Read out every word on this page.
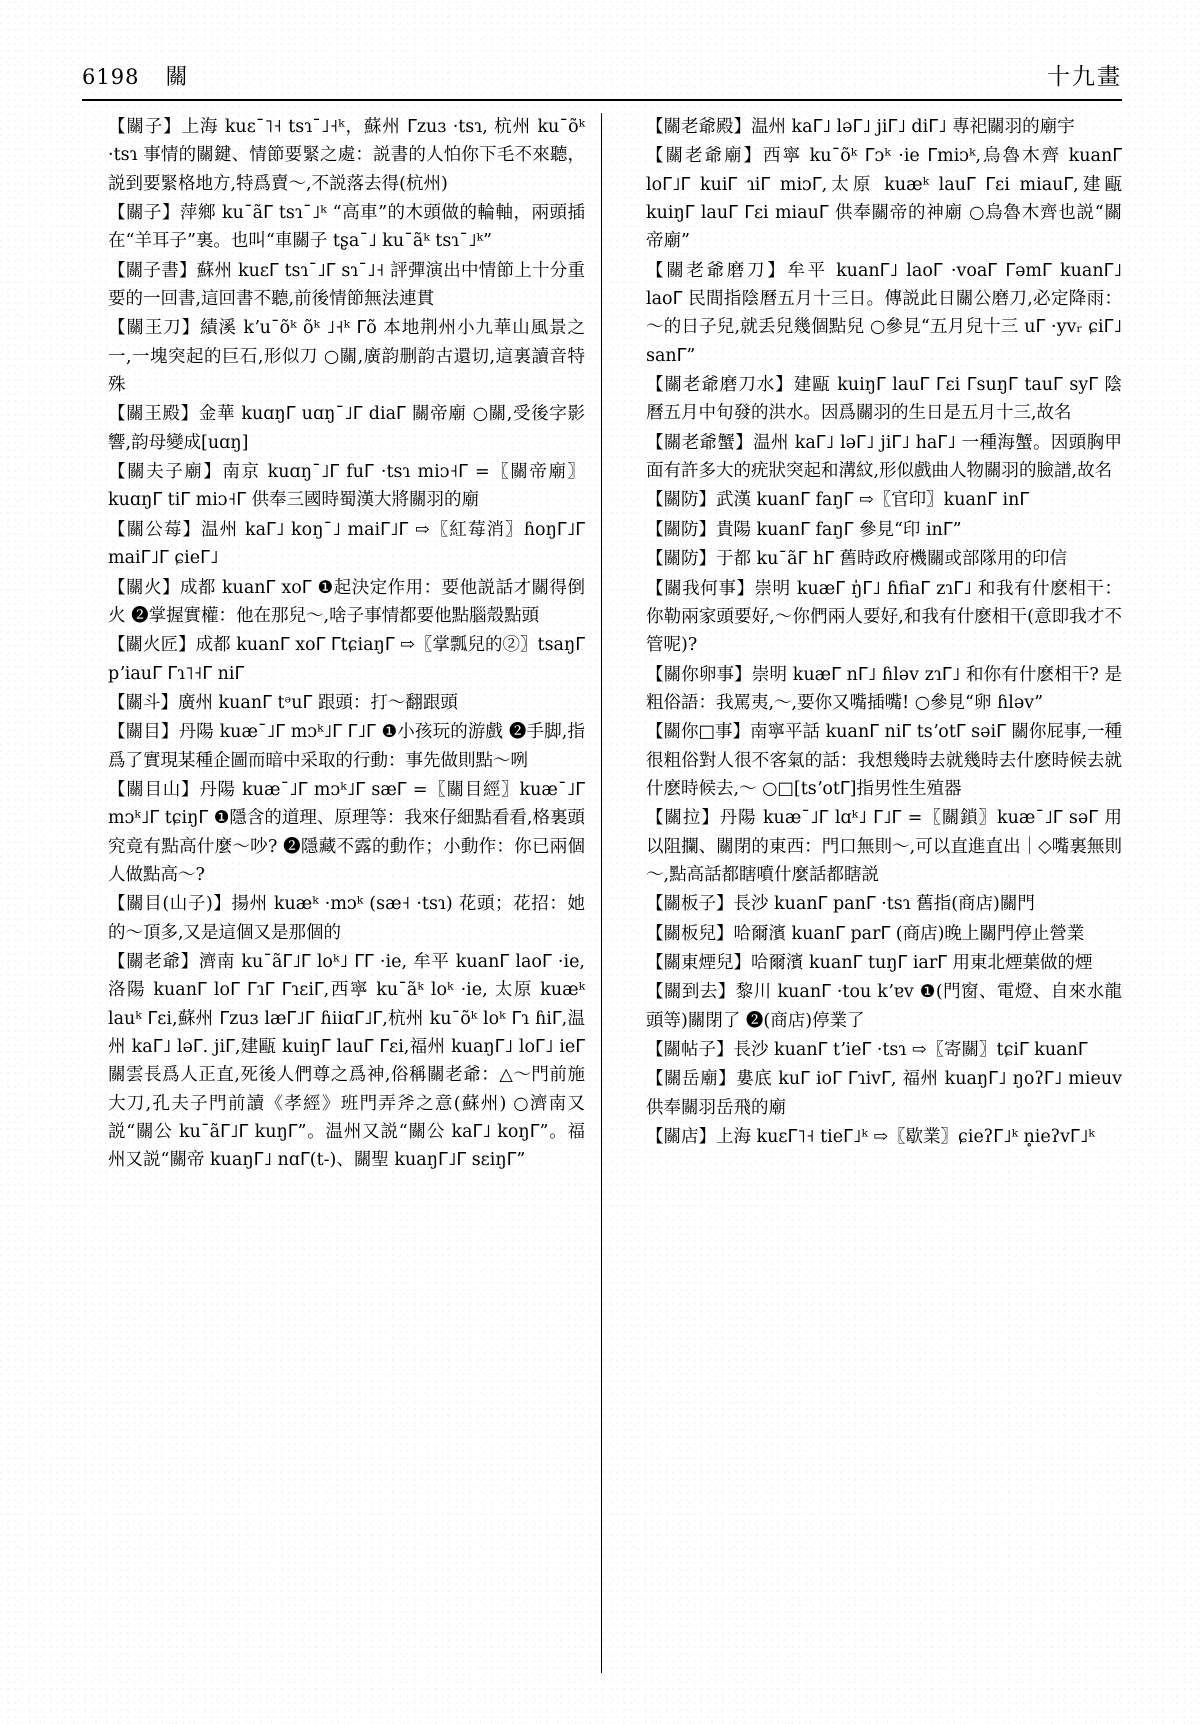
6198 關	十九畫
【關子】上海 kuɛˉ˥˧ tsɿˉ˩˧ᵏ，蘇州 ᒥzuɜ ·tsɿ, 杭州 kuˉõᵏ ·tsɿ 事情的關鍵、情節要緊之處：説書的人怕你下毛不來聽，説到要緊格地方,特爲賣～,不説落去得(杭州)
【關子】萍鄉 kuˉãᒥ tsɿˉ˩ᵏ “高車”的木頭做的輪軸，兩頭插在“羊耳子”裏。也叫“車關子 tʂaˉ˩ kuˉãᵏ tsɿˉ˩ᵏ”
【關子書】蘇州 kuɛᒥ tsɿˉ˩ᒥ sɿˉ˩˧ 評彈演出中情節上十分重要的一回書,這回書不聽,前後情節無法連貫
【關王刀】績溪 kʼuˉõᵏ õᵏ ˩˧ᵏ ᒥõ 本地荆州小九華山風景之一,一塊突起的巨石,形似刀 ○關,廣韵删韵古還切,這裏讀音特殊
【關王殿】金華 kuɑŋᒥ uɑŋˉ˩ᒥ diaᒥ 關帝廟 ○關,受後字影響,韵母變成[uɑŋ]
【關夫子廟】南京 kuɑŋˉ˩ᒥ fuᒥ ·tsɿ miᴐ˧ᒥ =〖關帝廟〗kuɑŋᒥ tiᒥ miᴐ˧ᒥ 供奉三國時蜀漢大將關羽的廟
【關公莓】温州 kaᒥ˩ koŋˉ˩ maiᒥ˩ᒥ ⇨〖紅莓消〗ɦoŋᒥ˩ᒥ maiᒥ˩ᒥ ɕieᒥ˩
【關火】成都 kuanᒥ xoᒥ ❶起決定作用：要他説話才關得倒火 ❷掌握實權：他在那兒～,啥子事情都要他點腦殼點頭
【關火匠】成都 kuanᒥ xoᒥ ᒥtɕiaŋᒥ ⇨〖掌瓢兒的②〗tsaŋᒥ pʼiauᒥ ᒥɿ˥˧ᒥ niᒥ
【關斗】廣州 kuanᒥ tᵊuᒥ 跟頭：打～翻跟頭
【關目】丹陽 kuæˉ˩ᒥ mᴐᵏ˩ᒥ ᒥ˩ᒥ ❶小孩玩的游戲 ❷手脚,指爲了實現某種企圖而暗中采取的行動：事先做則點～咧
【關目山】丹陽 kuæˉ˩ᒥ mᴐᵏ˩ᒥ sæᒥ =〖關目經〗kuæˉ˩ᒥ mᴐᵏ˩ᒥ tɕiŋᒥ ❶隱含的道理、原理等：我來仔細點看看,格裏頭究竟有點高什麼～吵? ❷隱藏不露的動作；小動作：你已兩個人做點高～?
【關目(山子)】揚州 kuæᵏ ·mᴐᵏ (sæ˧ ·tsɿ) 花頭；花招：她的～頂多,又是這個又是那個的
【關老爺】濟南 kuˉãᒥ˩ᒥ loᵏ˩ ᒥᒥ ·ie, 牟平 kuanᒥ laoᒥ ·ie, 洛陽 kuanᒥ loᒥ ᒥɿᒥ ᒥɿɛiᒥ,西寧 kuˉãᵏ loᵏ ·ie, 太原 kuæᵏ lauᵏ ᒥɛi,蘇州 ᒥzuɜ læᒥ˩ᒥ ɦiiɑᒥ˩ᒥ,杭州 kuˉõᵏ loᵏ ᒥɿ ɦiᒥ,温州 kaᒥ˩ ləᒥ. jiᒥ,建甌 kuiŋᒥ lauᒥ ᒥɛi,福州 kuaŋᒥ˩ loᒥ˩ ieᒥ 關雲長爲人正直,死後人們尊之爲神,俗稱關老爺：△～門前施大刀,孔夫子門前讀《孝經》班門弄斧之意(蘇州) ○濟南又説“關公 kuˉãᒥ˩ᒥ kuŋᒥ”。温州又説“關公 kaᒥ˩ koŋᒥ”。福州又説“關帝 kuaŋᒥ˩ nɑᒥ(t-)、關聖 kuaŋᒥ˩ᒥ sɛiŋᒥ”
【關老爺殿】温州 kaᒥ˩ ləᒥ˩ jiᒥ˩ diᒥ˩ 專祀關羽的廟宇
【關老爺廟】西寧 kuˉõᵏ ᒥᴐᵏ ·ie ᒥmiᴐᵏ,烏魯木齊 kuanᒥ loᒥ˩ᒥ kuiᒥ ɿiᒥ miᴐᒥ,太原 kuæᵏ lauᒥ ᒥɛi miauᒥ,建甌 kuiŋᒥ lauᒥ ᒥɛi miauᒥ 供奉關帝的神廟 ○烏魯木齊也説“關帝廟”
【關老爺磨刀】牟平 kuanᒥ˩ laoᒥ ·ᴠoaᒥ ᒥəmᒥ kuanᒥ˩ laoᒥ 民間指陰曆五月十三日。傳説此日關公磨刀,必定降雨：～的日子兒,就丢兒幾個點兒 ○參見“五月兒十三 uᒥ ·yᴠᵣ ɕiᒥ˩ sanᒥ”
【關老爺磨刀水】建甌 kuiŋᒥ lauᒥ ᒥɛi ᒥsuŋᒥ tauᒥ syᒥ 陰曆五月中旬發的洪水。因爲關羽的生日是五月十三,故名
【關老爺蟹】温州 kaᒥ˩ ləᒥ˩ jiᒥ˩ haᒥ˩ 一種海蟹。因頭胸甲面有許多大的疣狀突起和溝紋,形似戲曲人物關羽的臉譜,故名
【關防】武漢 kuanᒥ faŋᒥ ⇨〖官印〗kuanᒥ inᒥ
【關防】貴陽 kuanᒥ faŋᒥ 參見“印 inᒥ”
【關防】于都 kuˉãᒥ hᒥ 舊時政府機關或部隊用的印信
【關我何事】崇明 kuæᒥ ŋ̍ᒥ˩ ɦfiaᒥ zɿᒥ˩ 和我有什麽相干：你勒兩家頭要好,～你們兩人要好,和我有什麽相干(意即我才不管呢)?
【關你卵事】崇明 kuæᒥ nᒥ˩ ɦləᴠ zɿᒥ˩ 和你有什麽相干? 是粗俗語：我罵夷,～,要你又嘴插嘴! ○參見“卵 ɦləᴠ”
【關你□事】南寧平話 kuanᒥ niᒥ tsʼotᒥ səiᒥ 關你屁事,一種很粗俗對人很不客氣的話：我想幾時去就幾時去什麽時候去就什麽時候去,～ ○□[tsʼotᒥ]指男性生殖器
【關拉】丹陽 kuæˉ˩ᒥ lɑᵏ˩ ᒥ˩ᒥ =〖關鎖〗kuæˉ˩ᒥ səᒥ 用以阻攔、關閉的東西：門口無則～,可以直進直出｜◇嘴裏無則～,點高話都瞎噴什麼話都瞎説
【關板子】長沙 kuanᒥ panᒥ ·tsɿ 舊指(商店)關門
【關板兒】哈爾濱 kuanᒥ parᒥ (商店)晚上關門停止營業
【關東煙兒】哈爾濱 kuanᒥ tuŋᒥ iarᒥ 用東北煙葉做的煙
【關到去】黎川 kuanᒥ ·tou kʼɐᴠ ❶(門窗、電燈、自來水龍頭等)關閉了 ❷(商店)停業了
【關帖子】長沙 kuanᒥ tʼieᒥ ·tsɿ ⇨〖寄關〗tɕiᒥ kuanᒥ
【關岳廟】婁底 kuᒥ ioᒥ ᒥɿiᴠᒥ, 福州 kuaŋᒥ˩ ŋoʔᒥ˩ mieuᴠ 供奉關羽岳飛的廟
【關店】上海 kuɛᒥ˥˧ tieᒥ˩ᵏ ⇨〖歇業〗ɕieʔᒥ˩ᵏ n̥ieʔᴠᒥ˩ᵏ
